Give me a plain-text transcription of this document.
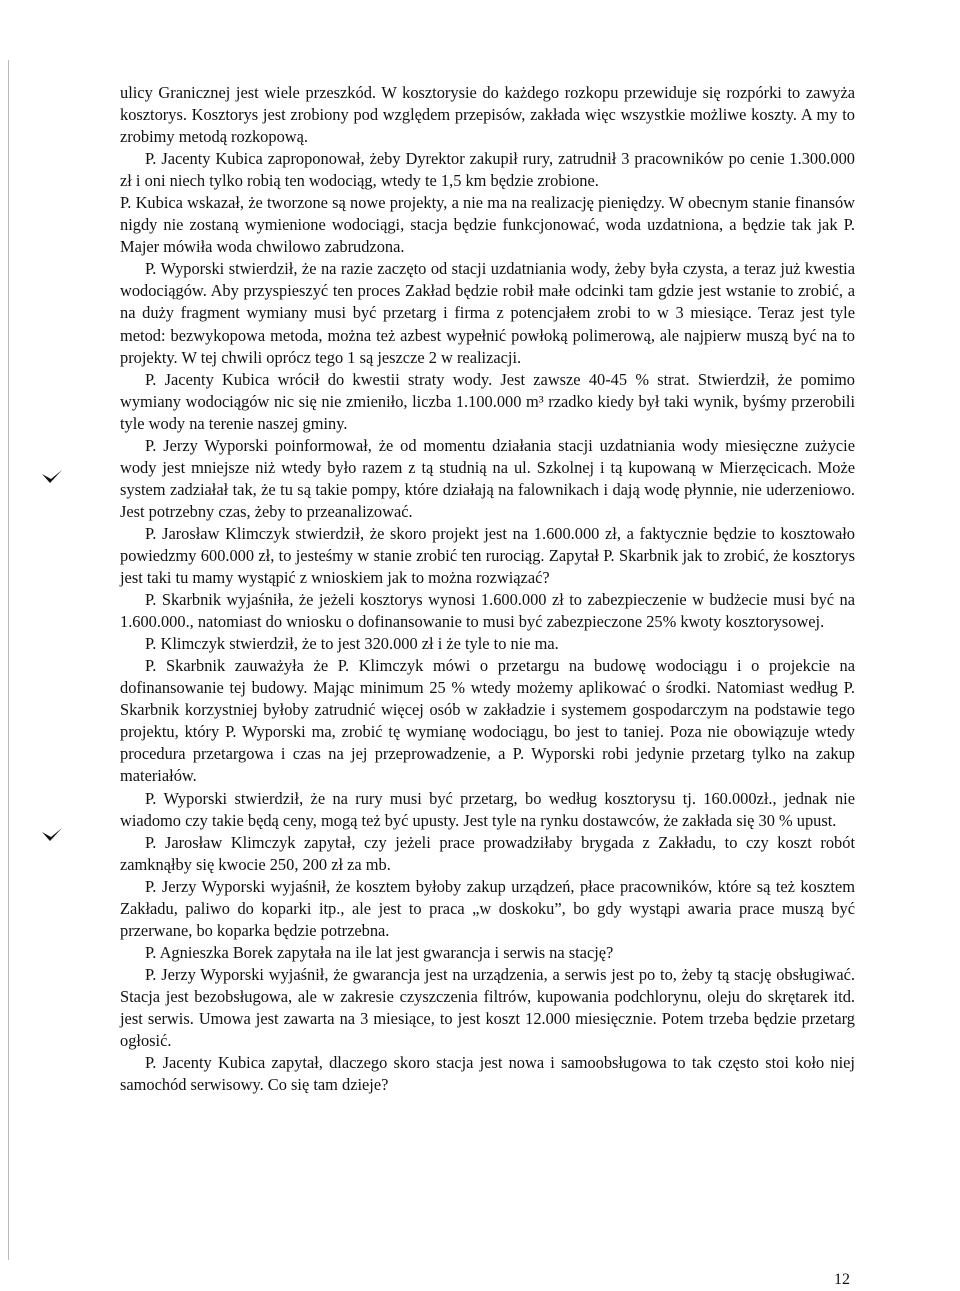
ulicy Granicznej jest wiele przeszkód. W kosztorysie do każdego rozkopu przewiduje się rozpórki to zawyża kosztorys. Kosztorys jest zrobiony pod względem przepisów, zakłada więc wszystkie możliwe koszty. A my to zrobimy metodą rozkopową.

P. Jacenty Kubica zaproponował, żeby Dyrektor zakupił rury, zatrudnił 3 pracowników po cenie 1.300.000 zł i oni niech tylko robią ten wodociąg, wtedy te 1,5 km będzie zrobione.

P. Kubica wskazał, że tworzone są nowe projekty, a nie ma na realizację pieniędzy. W obecnym stanie finansów nigdy nie zostaną wymienione wodociągi, stacja będzie funkcjonować, woda uzdatniona, a będzie tak jak P. Majer mówiła woda chwilowo zabrudzona.

P. Wyporski stwierdził, że na razie zaczęto od stacji uzdatniania wody, żeby była czysta, a teraz już kwestia wodociągów. Aby przyspieszyć ten proces Zakład będzie robił małe odcinki tam gdzie jest wstanie to zrobić, a na duży fragment wymiany musi być przetarg i firma z potencjałem zrobi to w 3 miesiące. Teraz jest tyle metod: bezwykopowa metoda, można też azbest wypełnić powłoką polimerową, ale najpierw muszą być na to projekty. W tej chwili oprócz tego 1 są jeszcze 2 w realizacji.

P. Jacenty Kubica wrócił do kwestii straty wody. Jest zawsze 40-45 % strat. Stwierdził, że pomimo wymiany wodociągów nic się nie zmieniło, liczba 1.100.000 m³ rzadko kiedy był taki wynik, byśmy przerobili tyle wody na terenie naszej gminy.

P. Jerzy Wyporski poinformował, że od momentu działania stacji uzdatniania wody miesięczne zużycie wody jest mniejsze niż wtedy było razem z tą studnią na ul. Szkolnej i tą kupowaną w Mierzęcicach. Może system zadziałał tak, że tu są takie pompy, które działają na falownikach i dają wodę płynnie, nie uderzeniowo. Jest potrzebny czas, żeby to przeanalizować.

P. Jarosław Klimczyk stwierdził, że skoro projekt jest na 1.600.000 zł, a faktycznie będzie to kosztowało powiedzmy 600.000 zł, to jesteśmy w stanie zrobić ten rurociąg. Zapytał P. Skarbnik jak to zrobić, że kosztorys jest taki tu mamy wystąpić z wnioskiem jak to można rozwiązać?

P. Skarbnik wyjaśniła, że jeżeli kosztorys wynosi 1.600.000 zł to zabezpieczenie w budżecie musi być na 1.600.000., natomiast do wniosku o dofinansowanie to musi być zabezpieczone 25% kwoty kosztorysowej.

P. Klimczyk stwierdził, że to jest 320.000 zł i że tyle to nie ma.

P. Skarbnik zauważyła że P. Klimczyk mówi o przetargu na budowę wodociągu i o projekcie na dofinansowanie tej budowy. Mając minimum 25 % wtedy możemy aplikować o środki. Natomiast według P. Skarbnik korzystniej byłoby zatrudnić więcej osób w zakładzie i systemem gospodarczym na podstawie tego projektu, który P. Wyporski ma, zrobić tę wymianę wodociągu, bo jest to taniej. Poza nie obowiązuje wtedy procedura przetargowa i czas na jej przeprowadzenie, a P. Wyporski robi jedynie przetarg tylko na zakup materiałów.

P. Wyporski stwierdził, że na rury musi być przetarg, bo według kosztorysu tj. 160.000zł., jednak nie wiadomo czy takie będą ceny, mogą też być upusty. Jest tyle na rynku dostawców, że zakłada się 30 % upust.

P. Jarosław Klimczyk zapytał, czy jeżeli prace prowadziłaby brygada z Zakładu, to czy koszt robót zamknąłby się kwocie 250, 200 zł za mb.

P. Jerzy Wyporski wyjaśnił, że kosztem byłoby zakup urządzeń, płace pracowników, które są też kosztem Zakładu, paliwo do koparki itp., ale jest to praca „w doskoku”, bo gdy wystąpi awaria prace muszą być przerwane, bo koparka będzie potrzebna.

P. Agnieszka Borek zapytała na ile lat jest gwarancja i serwis na stację?

P. Jerzy Wyporski wyjaśnił, że gwarancja jest na urządzenia, a serwis jest po to, żeby tą stację obsługiwać. Stacja jest bezobsługowa, ale w zakresie czyszczenia filtrów, kupowania podchlorynu, oleju do skrętarek itd. jest serwis. Umowa jest zawarta na 3 miesiące, to jest koszt 12.000 miesięcznie. Potem trzeba będzie przetarg ogłosić.

P. Jacenty Kubica zapytał, dlaczego skoro stacja jest nowa i samoobsługowa to tak często stoi koło niej samochód serwisowy. Co się tam dzieje?

12
